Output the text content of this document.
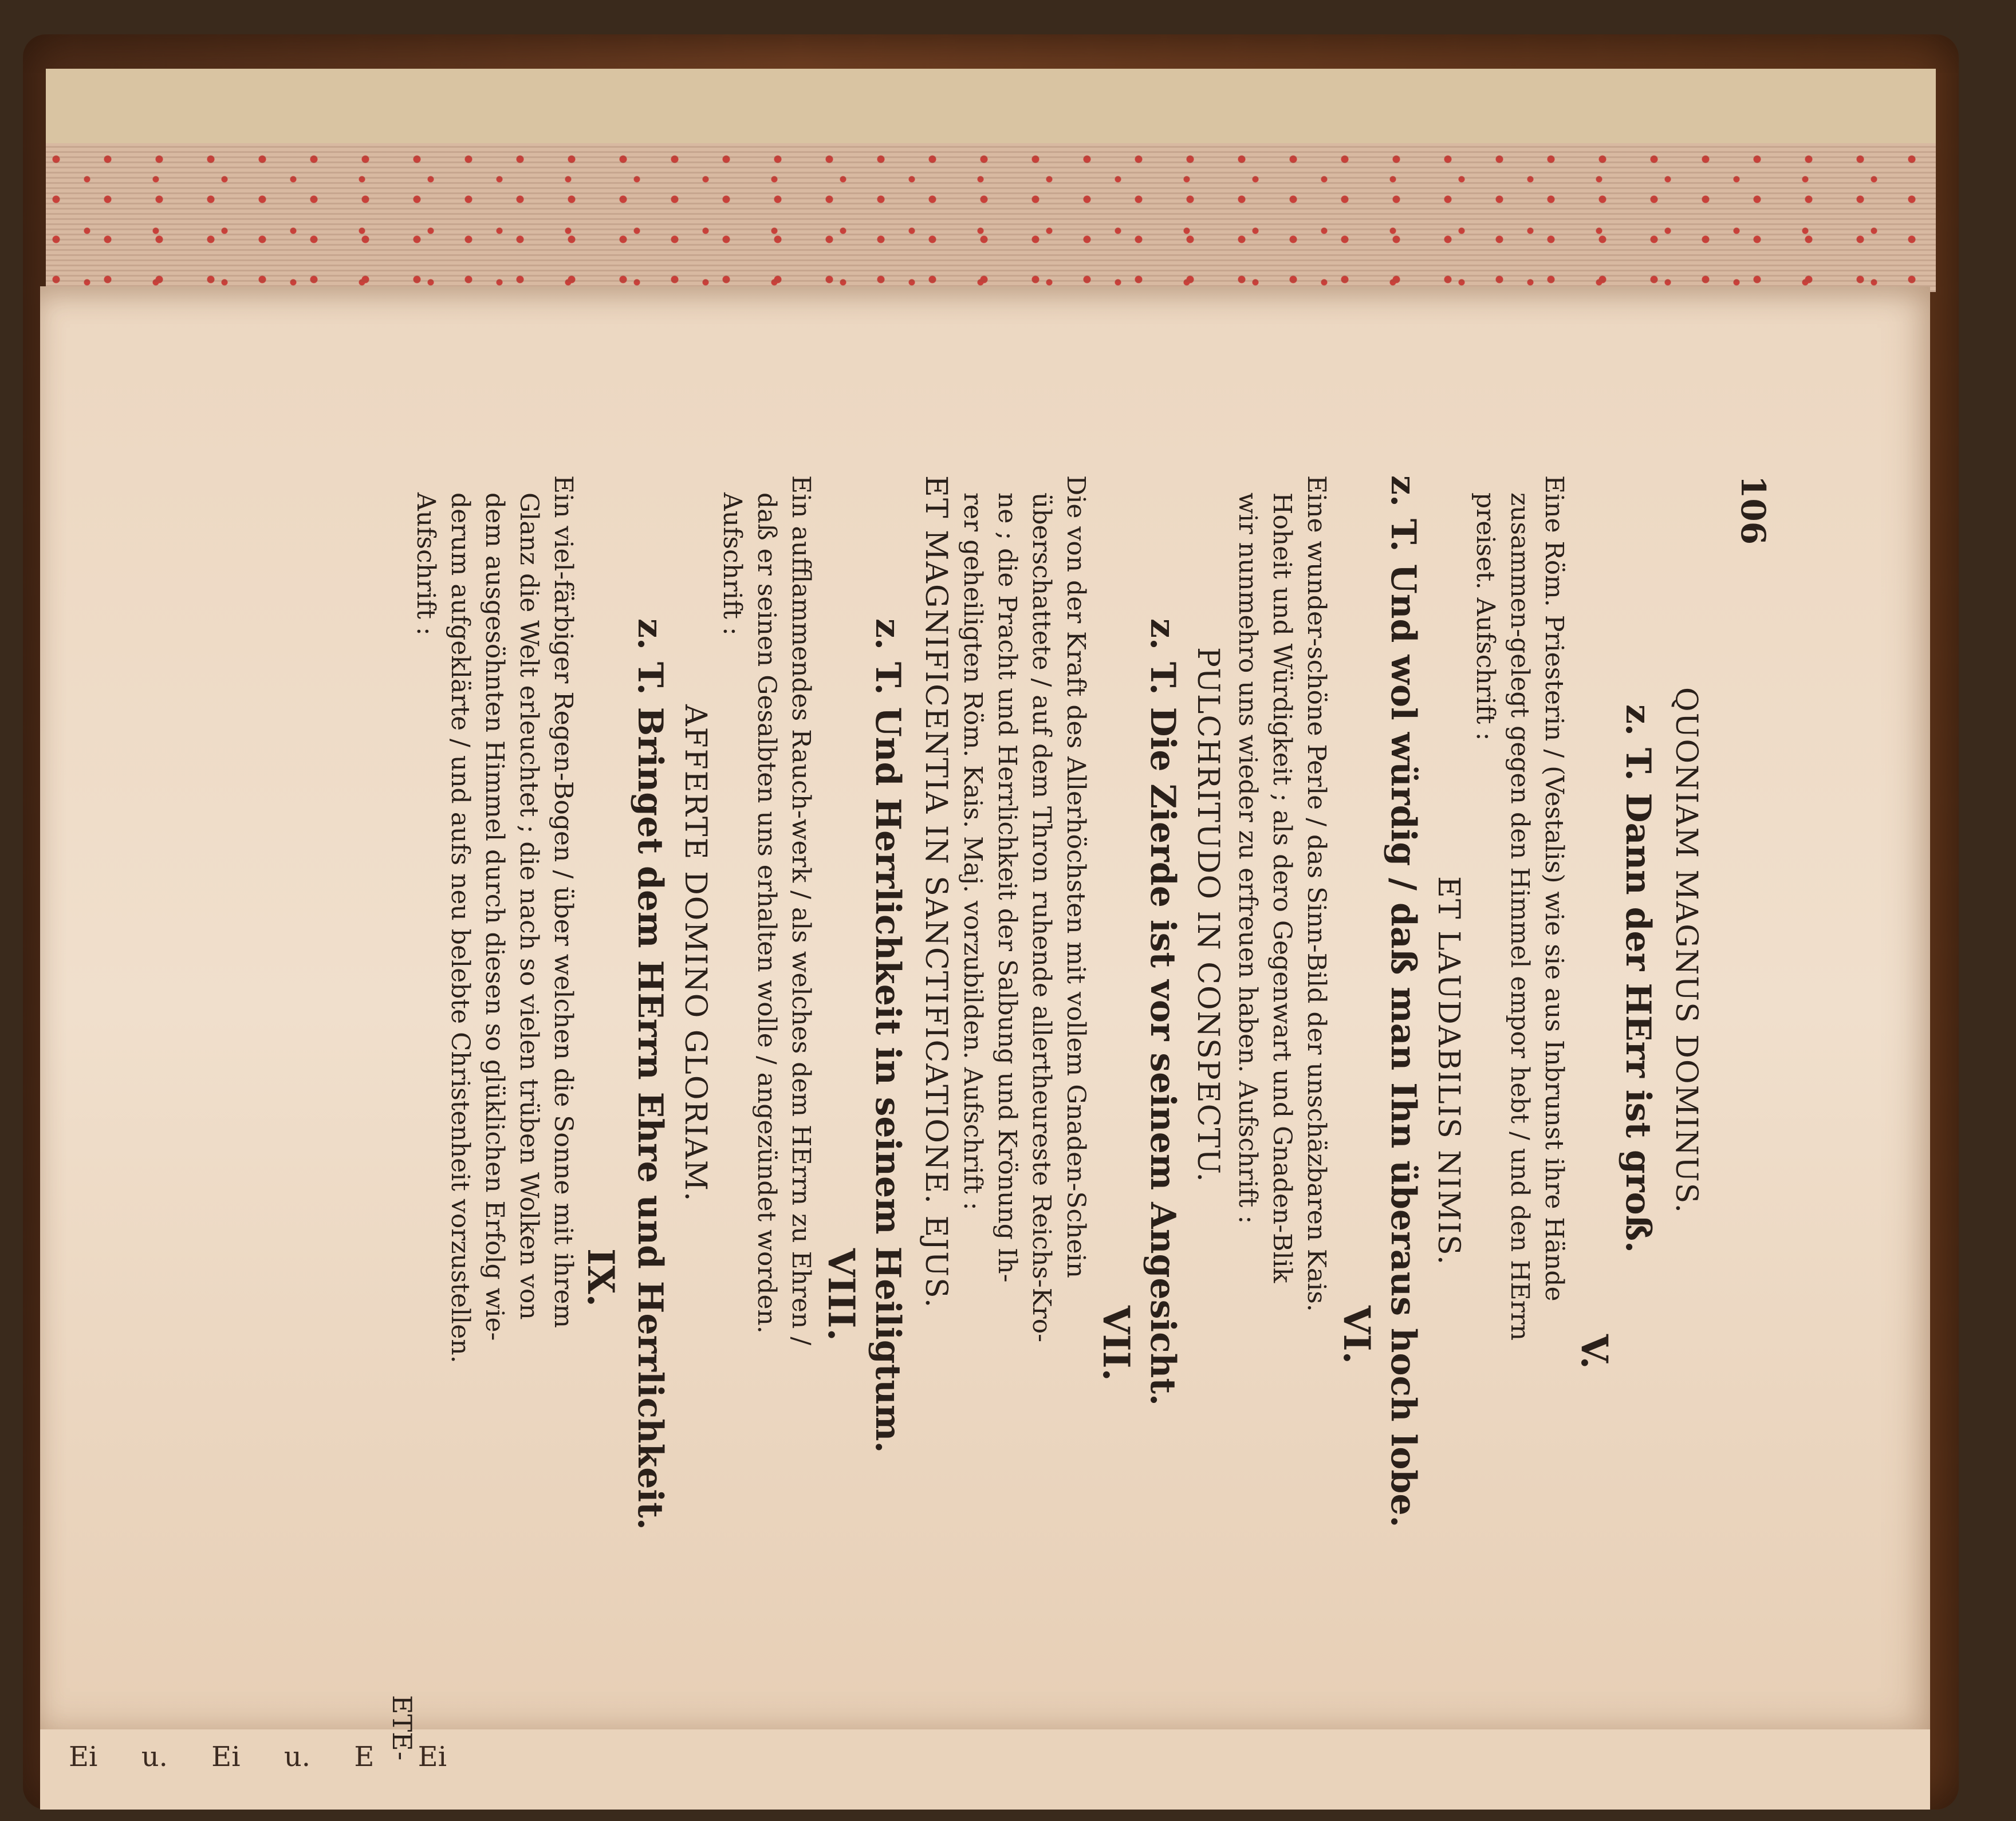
Ei u. Ei u. E Ei
106
QUONIAM MAGNUS DOMINUS.
z. T. Dann der HErr ist groß.
V.
Eine Röm. Priesterin / (Vestalis) wie sie aus Inbrunst ihre Hände
zusammen-gelegt gegen den Himmel empor hebt / und den HErrn
preiset. Aufschrift :
ET LAUDABILIS NIMIS.
z. T. Und wol würdig / daß man Ihn überaus hoch lobe.
VI.
Eine wunder-schöne Perle / das Sinn-Bild der unschäzbaren Kais.
Hoheit und Würdigkeit ; als dero Gegenwart und Gnaden-Blik
wir nunmehro uns wieder zu erfreuen haben. Aufschrift :
PULCHRITUDO IN CONSPECTU.
z. T. Die Zierde ist vor seinem Angesicht.
VII.
Die von der Kraft des Allerhöchsten mit vollem Gnaden-Schein
überschattete / auf dem Thron ruhende allertheureste Reichs-Kro-
ne ; die Pracht und Herrlichkeit der Salbung und Krönung Ih-
rer geheiligten Röm. Kais. Maj. vorzubilden. Aufschrift :
ET MAGNIFICENTIA IN SANCTIFICATIONE. EJUS.
z. T. Und Herrlichkeit in seinem Heiligtum.
VIII.
Ein aufflammendes Rauch-werk / als welches dem HErrn zu Ehren /
daß er seinen Gesalbten uns erhalten wolle / angezündet worden.
Aufschrift :
AFFERTE DOMINO GLORIAM.
z. T. Bringet dem HErrn Ehre und Herrlichkeit.
IX.
Ein viel-färbiger Regen-Bogen / über welchen die Sonne mit ihrem
Glanz die Welt erleuchtet ; die nach so vielen trüben Wolken von
dem ausgesöhnten Himmel durch diesen so glüklichen Erfolg wie-
derum aufgeklärte / und aufs neu belebte Christenheit vorzustellen.
Aufschrift :
ETE-
